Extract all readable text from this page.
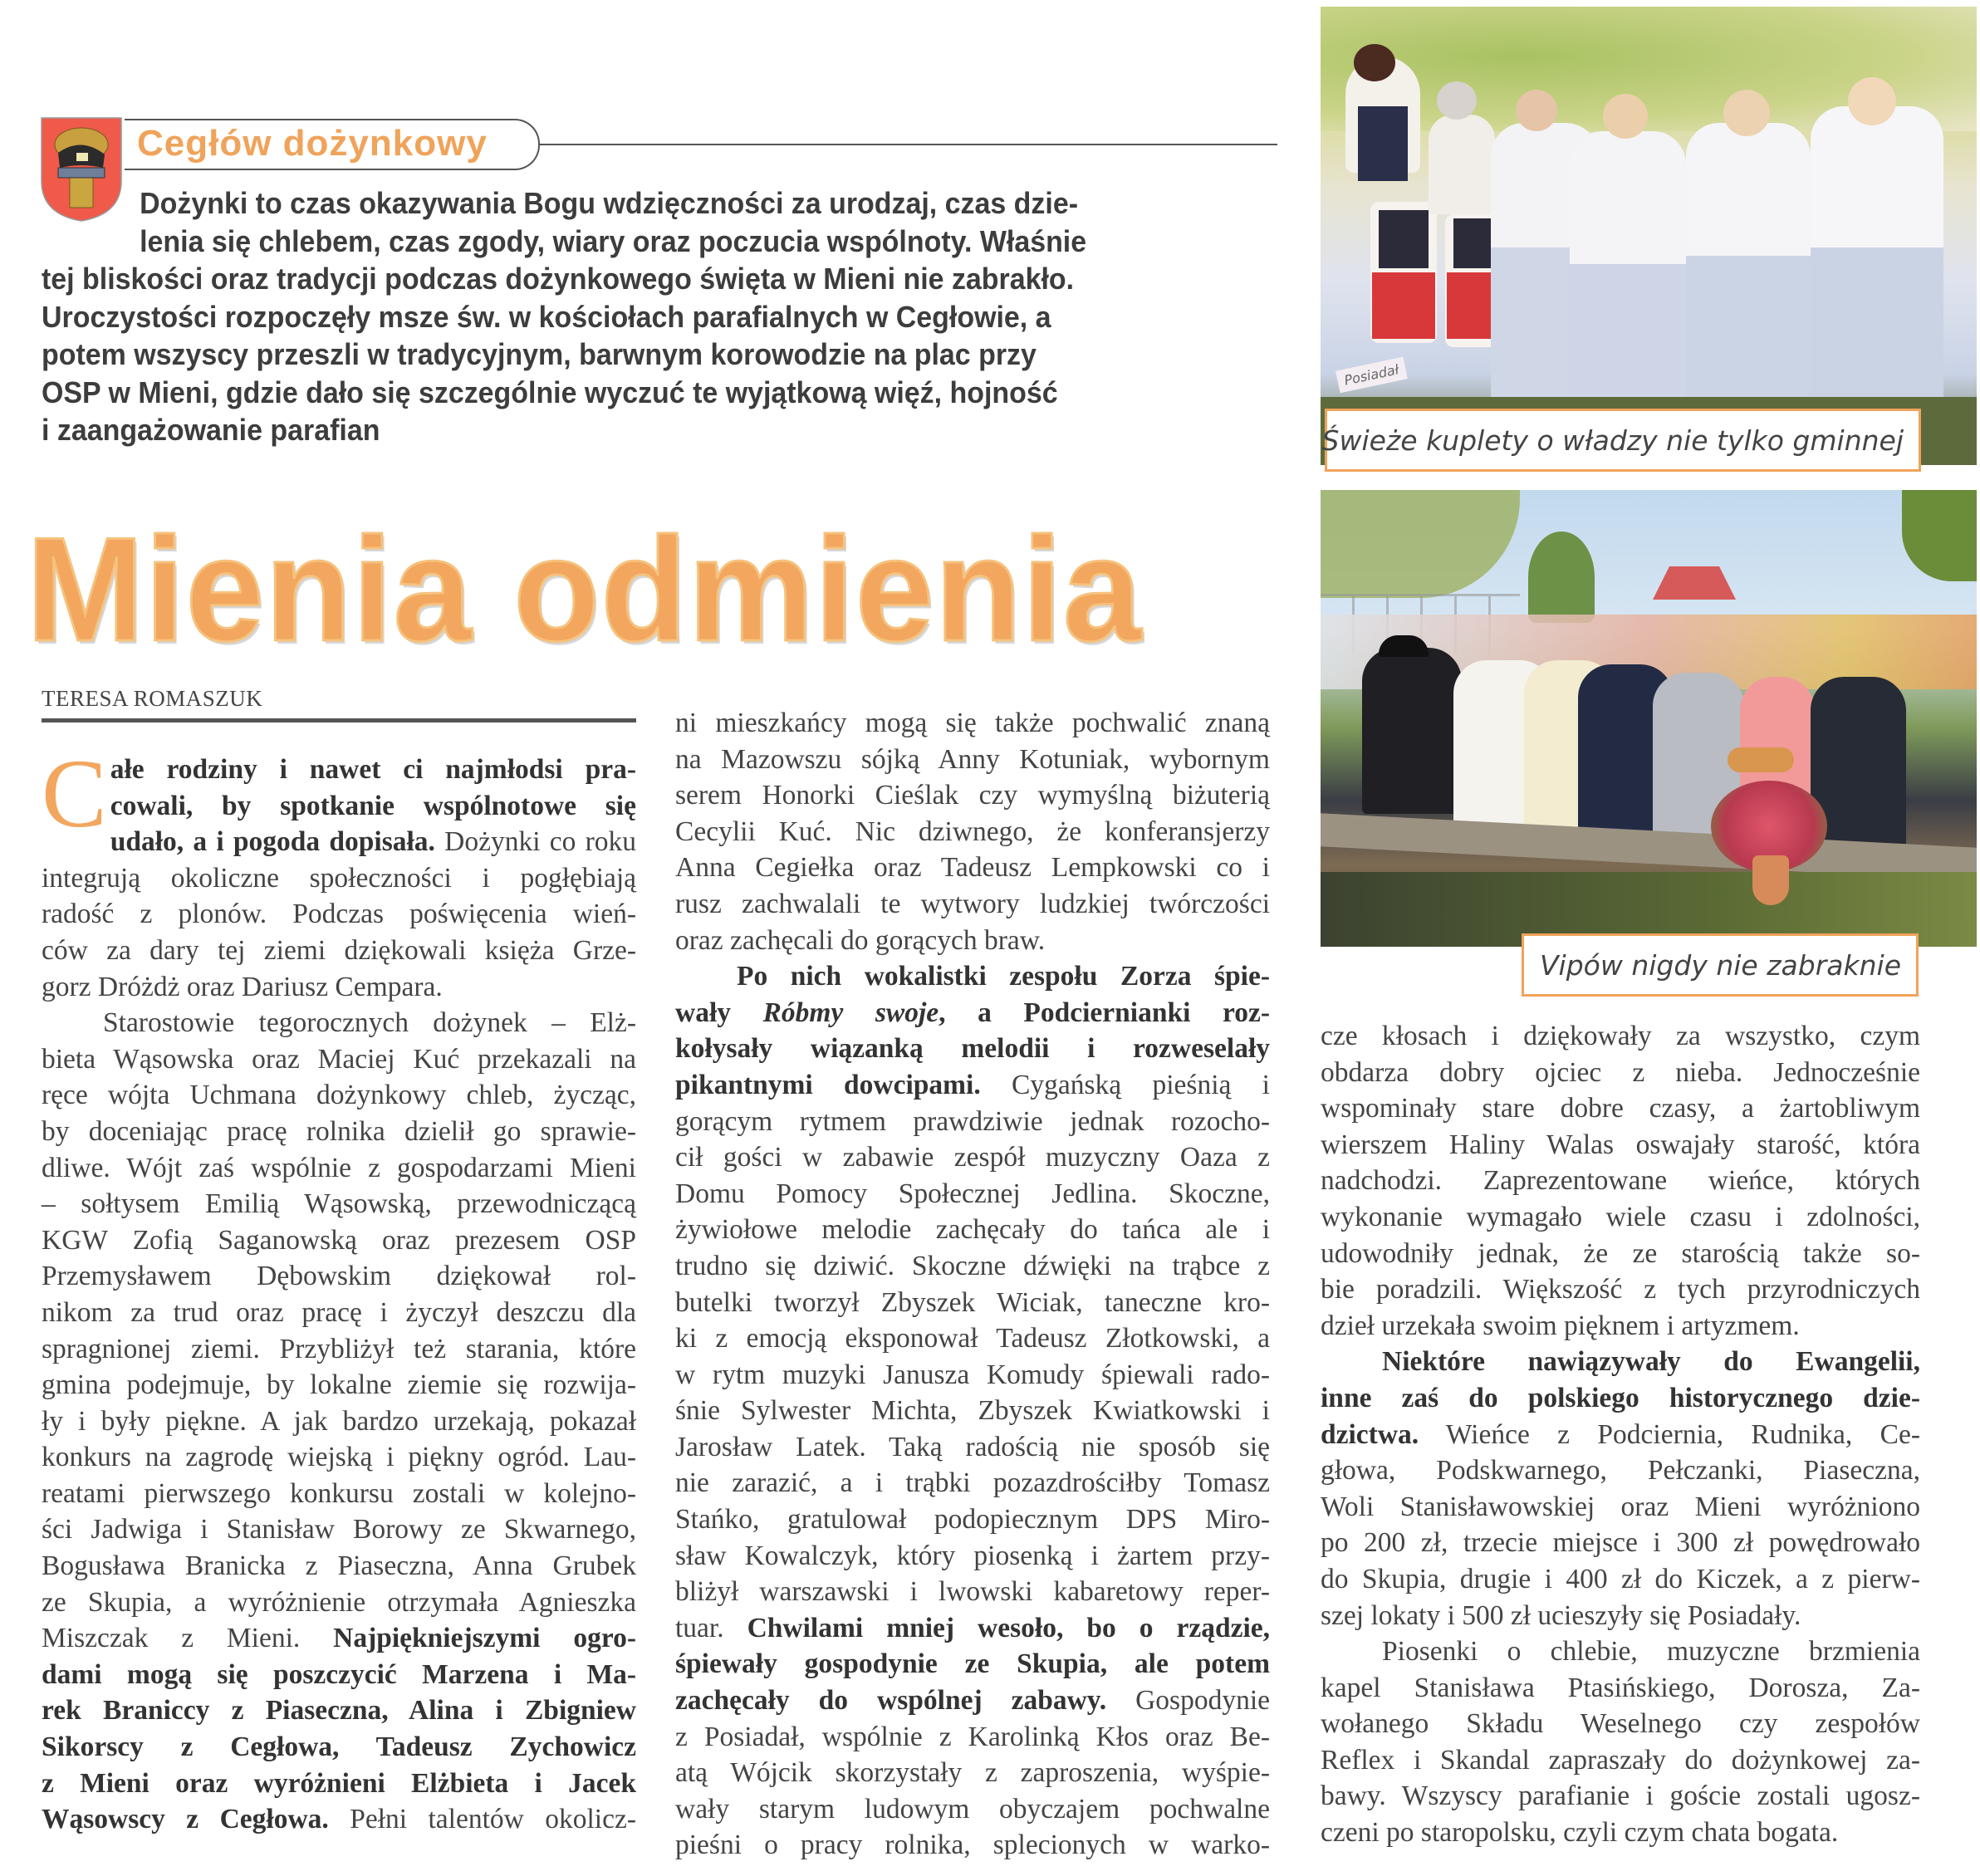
Cegłów dożynkowy
Dożynki to czas okazywania Bogu wdzięczności za urodzaj, czas dzie-
lenia się chlebem, czas zgody, wiary oraz poczucia wspólnoty. Właśnie
tej bliskości oraz tradycji podczas dożynkowego święta w Mieni nie zabrakło.
Uroczystości rozpoczęły msze św. w kościołach parafialnych w Cegłowie, a
potem wszyscy przeszli w tradycyjnym, barwnym korowodzie na plac przy
OSP w Mieni, gdzie dało się szczególnie wyczuć te wyjątkową więź, hojność
i zaangażowanie parafian
Mienia odmienia
TERESA ROMASZUK
C ałe rodziny i nawet ci najmłodsi pra-
cowali, by spotkanie wspólnotowe się
udało, a i pogoda dopisała. Dożynki co roku
integrują okoliczne społeczności i pogłębiają
radość z plonów. Podczas poświęcenia wień-
ców za dary tej ziemi dziękowali księża Grze-
gorz Dróżdż oraz Dariusz Cempara.
Starostowie tegorocznych dożynek – Elż-
bieta Wąsowska oraz Maciej Kuć przekazali na
ręce wójta Uchmana dożynkowy chleb, życząc,
by doceniając pracę rolnika dzielił go sprawie-
dliwe. Wójt zaś wspólnie z gospodarzami Mieni
– sołtysem Emilią Wąsowską, przewodniczącą
KGW Zofią Saganowską oraz prezesem OSP
Przemysławem Dębowskim dziękował rol-
nikom za trud oraz pracę i życzył deszczu dla
spragnionej ziemi. Przybliżył też starania, które
gmina podejmuje, by lokalne ziemie się rozwija-
ły i były piękne. A jak bardzo urzekają, pokazał
konkurs na zagrodę wiejską i piękny ogród. Lau-
reatami pierwszego konkursu zostali w kolejno-
ści Jadwiga i Stanisław Borowy ze Skwarnego,
Bogusława Branicka z Piaseczna, Anna Grubek
ze Skupia, a wyróżnienie otrzymała Agnieszka
Miszczak z Mieni. Najpiękniejszymi ogro-
dami mogą się poszczycić Marzena i Ma-
rek Braniccy z Piaseczna, Alina i Zbigniew
Sikorscy z Cegłowa, Tadeusz Zychowicz
z Mieni oraz wyróżnieni Elżbieta i Jacek
Wąsowscy z Cegłowa. Pełni talentów okolicz-
ni mieszkańcy mogą się także pochwalić znaną
na Mazowszu sójką Anny Kotuniak, wybornym
serem Honorki Cieślak czy wymyślną biżuterią
Cecylii Kuć. Nic dziwnego, że konferansjerzy
Anna Cegiełka oraz Tadeusz Lempkowski co i
rusz zachwalali te wytwory ludzkiej twórczości
oraz zachęcali do gorących braw.
Po nich wokalistki zespołu Zorza śpie-
wały Róbmy swoje, a Podciernianki roz-
kołysały wiązanką melodii i rozweselały
pikantnymi dowcipami. Cygańską pieśnią i
gorącym rytmem prawdziwie jednak rozocho-
cił gości w zabawie zespół muzyczny Oaza z
Domu Pomocy Społecznej Jedlina. Skoczne,
żywiołowe melodie zachęcały do tańca ale i
trudno się dziwić. Skoczne dźwięki na trąbce z
butelki tworzył Zbyszek Wiciak, taneczne kro-
ki z emocją eksponował Tadeusz Złotkowski, a
w rytm muzyki Janusza Komudy śpiewali rado-
śnie Sylwester Michta, Zbyszek Kwiatkowski i
Jarosław Latek. Taką radością nie sposób się
nie zarazić, a i trąbki pozazdrościłby Tomasz
Stańko, gratulował podopiecznym DPS Miro-
sław Kowalczyk, który piosenką i żartem przy-
bliżył warszawski i lwowski kabaretowy reper-
tuar. Chwilami mniej wesoło, bo o rządzie,
śpiewały gospodynie ze Skupia, ale potem
zachęcały do wspólnej zabawy. Gospodynie
z Posiadał, wspólnie z Karolinką Kłos oraz Be-
atą Wójcik skorzystały z zaproszenia, wyśpie-
wały starym ludowym obyczajem pochwalne
pieśni o pracy rolnika, splecionych w warko-
cze kłosach i dziękowały za wszystko, czym
obdarza dobry ojciec z nieba. Jednocześnie
wspominały stare dobre czasy, a żartobliwym
wierszem Haliny Walas oswajały starość, która
nadchodzi. Zaprezentowane wieńce, których
wykonanie wymagało wiele czasu i zdolności,
udowodniły jednak, że ze starością także so-
bie poradzili. Większość z tych przyrodniczych
dzieł urzekała swoim pięknem i artyzmem.
Niektóre nawiązywały do Ewangelii,
inne zaś do polskiego historycznego dzie-
dzictwa. Wieńce z Podciernia, Rudnika, Ce-
głowa, Podskwarnego, Pełczanki, Piaseczna,
Woli Stanisławowskiej oraz Mieni wyróżniono
po 200 zł, trzecie miejsce i 300 zł powędrowało
do Skupia, drugie i 400 zł do Kiczek, a z pierw-
szej lokaty i 500 zł ucieszyły się Posiadały.
Piosenki o chlebie, muzyczne brzmienia
kapel Stanisława Ptasińskiego, Dorosza, Za-
wołanego Składu Weselnego czy zespołów
Reflex i Skandal zapraszały do dożynkowej za-
bawy. Wszyscy parafianie i goście zostali ugosz-
czeni po staropolsku, czyli czym chata bogata.
Posiadał
Świeże kuplety o władzy nie tylko gminnej
Vipów nigdy nie zabraknie
